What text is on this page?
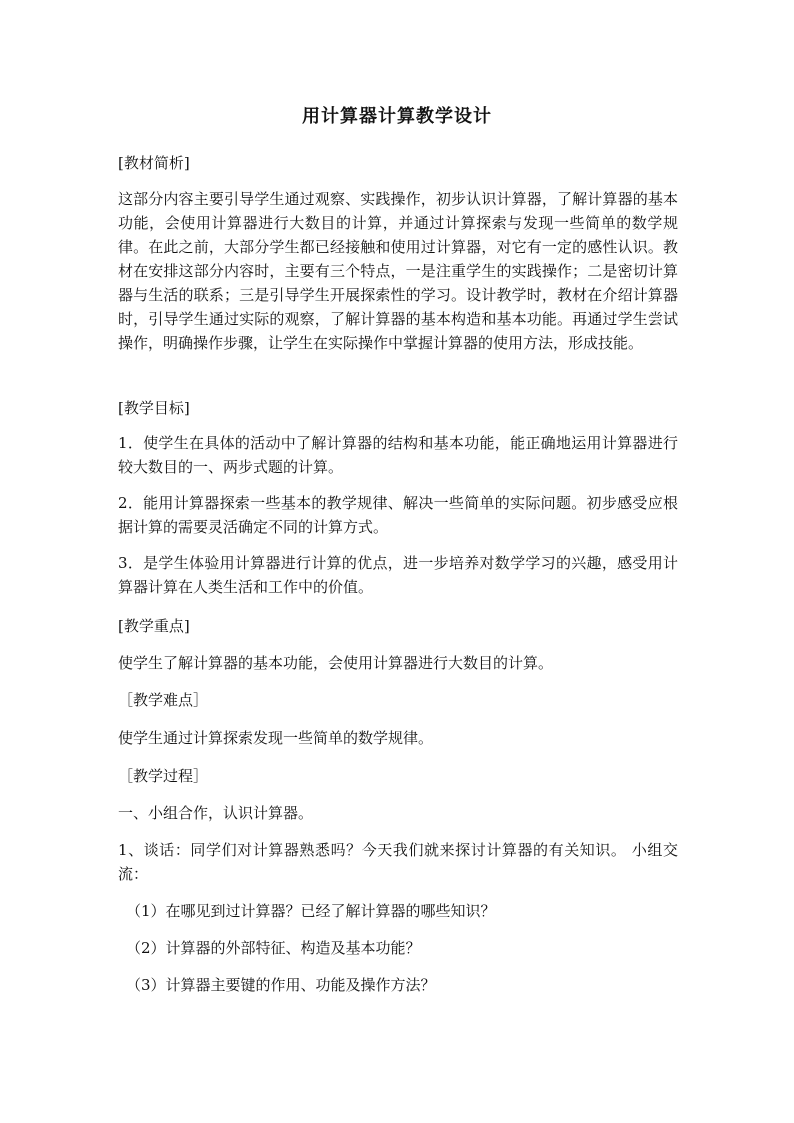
用计算器计算教学设计
[教材简析]
这部分内容主要引导学生通过观察、实践操作，初步认识计算器，了解计算器的基本功能，会使用计算器进行大数目的计算，并通过计算探索与发现一些简单的数学规律。在此之前，大部分学生都已经接触和使用过计算器，对它有一定的感性认识。教材在安排这部分内容时，主要有三个特点，一是注重学生的实践操作；二是密切计算器与生活的联系；三是引导学生开展探索性的学习。设计教学时，教材在介绍计算器时，引导学生通过实际的观察，了解计算器的基本构造和基本功能。再通过学生尝试操作，明确操作步骤，让学生在实际操作中掌握计算器的使用方法，形成技能。
[教学目标]
1．使学生在具体的活动中了解计算器的结构和基本功能，能正确地运用计算器进行较大数目的一、两步式题的计算。
2．能用计算器探索一些基本的教学规律、解决一些简单的实际问题。初步感受应根据计算的需要灵活确定不同的计算方式。
3．是学生体验用计算器进行计算的优点，进一步培养对数学学习的兴趣，感受用计算器计算在人类生活和工作中的价值。
[教学重点]
使学生了解计算器的基本功能，会使用计算器进行大数目的计算。
［教学难点］
使学生通过计算探索发现一些简单的数学规律。
［教学过程］
一、小组合作，认识计算器。
1、谈话：同学们对计算器熟悉吗？今天我们就来探讨计算器的有关知识。 小组交流：
（1）在哪见到过计算器？已经了解计算器的哪些知识？
（2）计算器的外部特征、构造及基本功能？
（3）计算器主要键的作用、功能及操作方法？
